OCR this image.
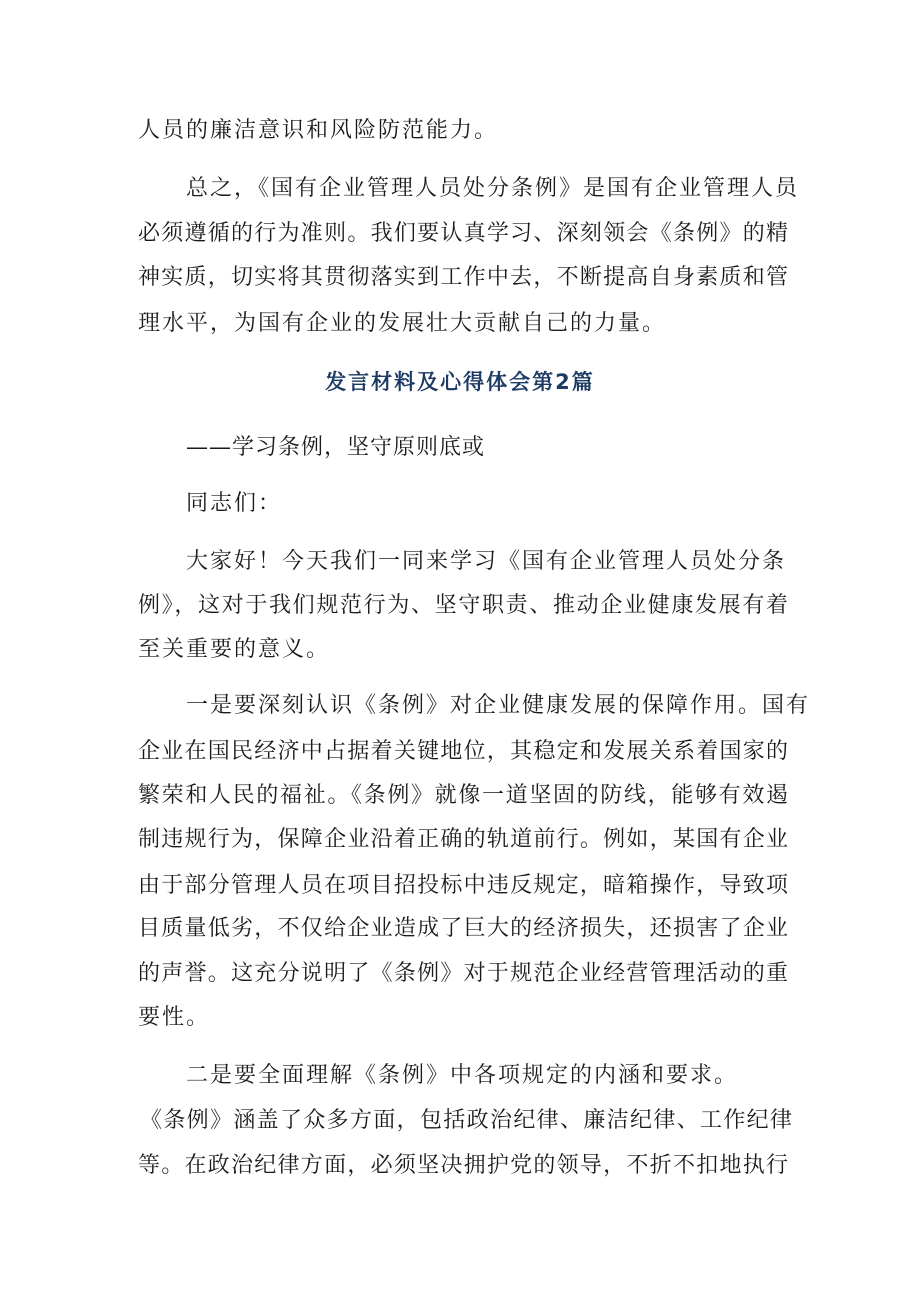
人员的廉洁意识和风险防范能力。
总之，《国有企业管理人员处分条例》是国有企业管理人员
必须遵循的行为准则。我们要认真学习、深刻领会《条例》的精
神实质，切实将其贯彻落实到工作中去，不断提高自身素质和管
理水平，为国有企业的发展壮大贡献自己的力量。
发言材料及心得体会第2篇
——学习条例，坚守原则底或
同志们：
大家好！今天我们一同来学习《国有企业管理人员处分条
例》，这对于我们规范行为、坚守职责、推动企业健康发展有着
至关重要的意义。
一是要深刻认识《条例》对企业健康发展的保障作用。国有
企业在国民经济中占据着关键地位，其稳定和发展关系着国家的
繁荣和人民的福祉。《条例》就像一道坚固的防线，能够有效遏
制违规行为，保障企业沿着正确的轨道前行。例如，某国有企业
由于部分管理人员在项目招投标中违反规定，暗箱操作，导致项
目质量低劣，不仅给企业造成了巨大的经济损失，还损害了企业
的声誉。这充分说明了《条例》对于规范企业经营管理活动的重
要性。
二是要全面理解《条例》中各项规定的内涵和要求。
《条例》涵盖了众多方面，包括政治纪律、廉洁纪律、工作纪律
等。在政治纪律方面，必须坚决拥护党的领导，不折不扣地执行
